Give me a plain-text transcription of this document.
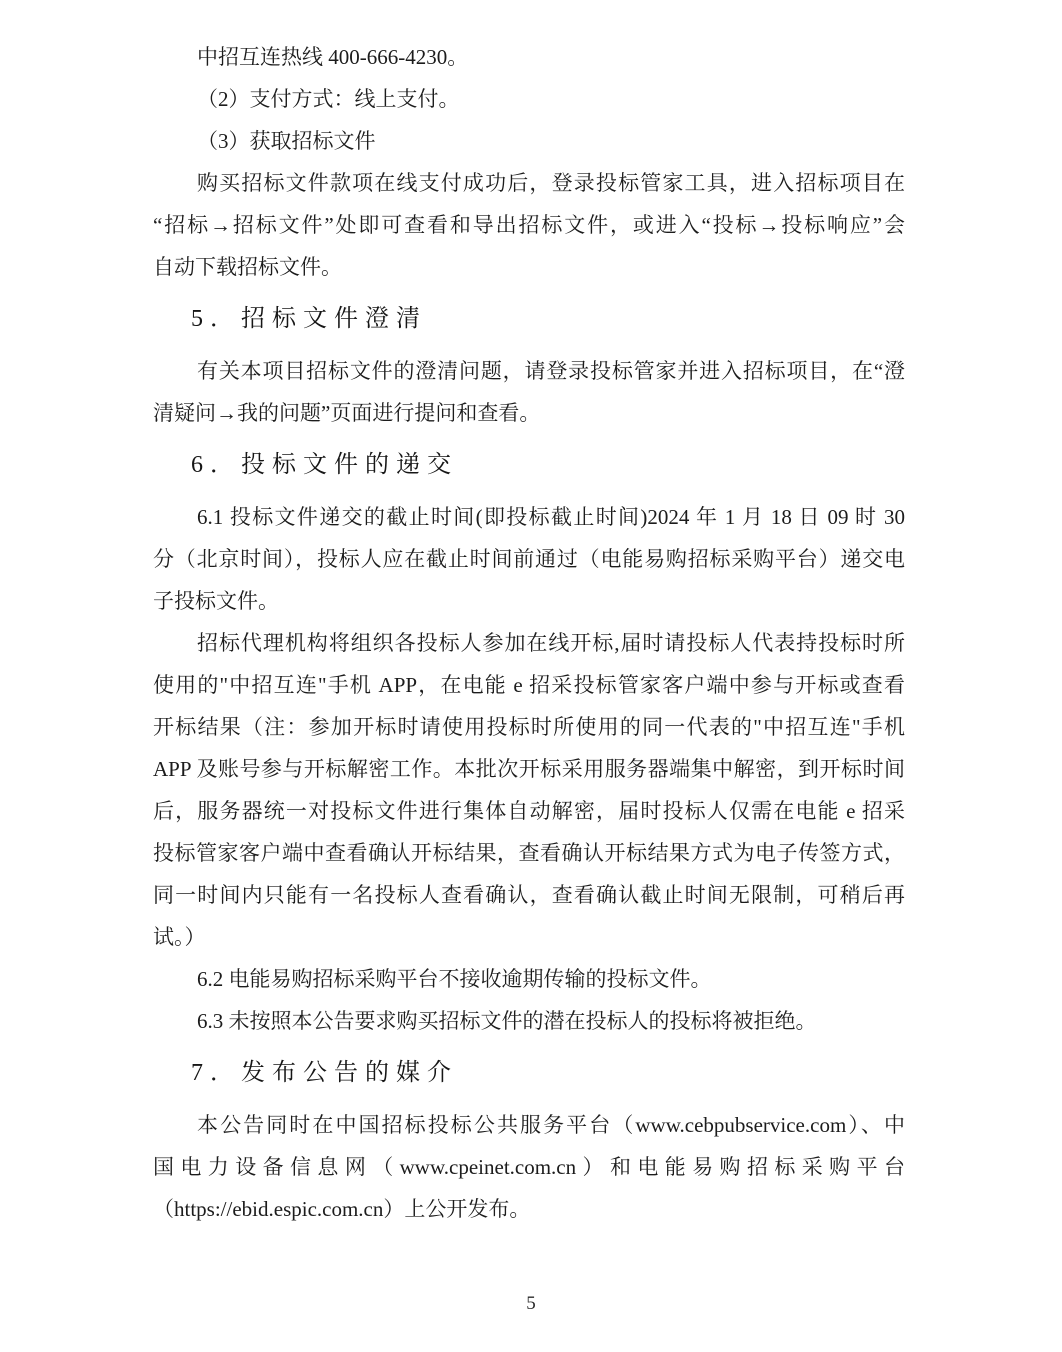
中招互连热线 400-666-4230。
（2）支付方式：线上支付。
（3）获取招标文件
购买招标文件款项在线支付成功后，登录投标管家工具，进入招标项目在
“招标→招标文件”处即可查看和导出招标文件，或进入“投标→投标响应”会
自动下载招标文件。
5．招标文件澄清
有关本项目招标文件的澄清问题，请登录投标管家并进入招标项目，在“澄
清疑问→我的问题”页面进行提问和查看。
6．投标文件的递交
6.1 投标文件递交的截止时间(即投标截止时间)2024 年 1 月 18 日 09 时 30
分（北京时间），投标人应在截止时间前通过（电能易购招标采购平台）递交电
子投标文件。
招标代理机构将组织各投标人参加在线开标,届时请投标人代表持投标时所
使用的"中招互连"手机 APP，在电能 e 招采投标管家客户端中参与开标或查看
开标结果（注：参加开标时请使用投标时所使用的同一代表的"中招互连"手机
APP 及账号参与开标解密工作。本批次开标采用服务器端集中解密，到开标时间
后，服务器统一对投标文件进行集体自动解密，届时投标人仅需在电能 e 招采
投标管家客户端中查看确认开标结果，查看确认开标结果方式为电子传签方式，
同一时间内只能有一名投标人查看确认，查看确认截止时间无限制，可稍后再
试。）
6.2 电能易购招标采购平台不接收逾期传输的投标文件。
6.3 未按照本公告要求购买招标文件的潜在投标人的投标将被拒绝。
7．发布公告的媒介
本公告同时在中国招标投标公共服务平台（www.cebpubservice.com）、中
国电力设备信息网（www.cpeinet.com.cn）和电能易购招标采购平台
（https://ebid.espic.com.cn）上公开发布。
5
